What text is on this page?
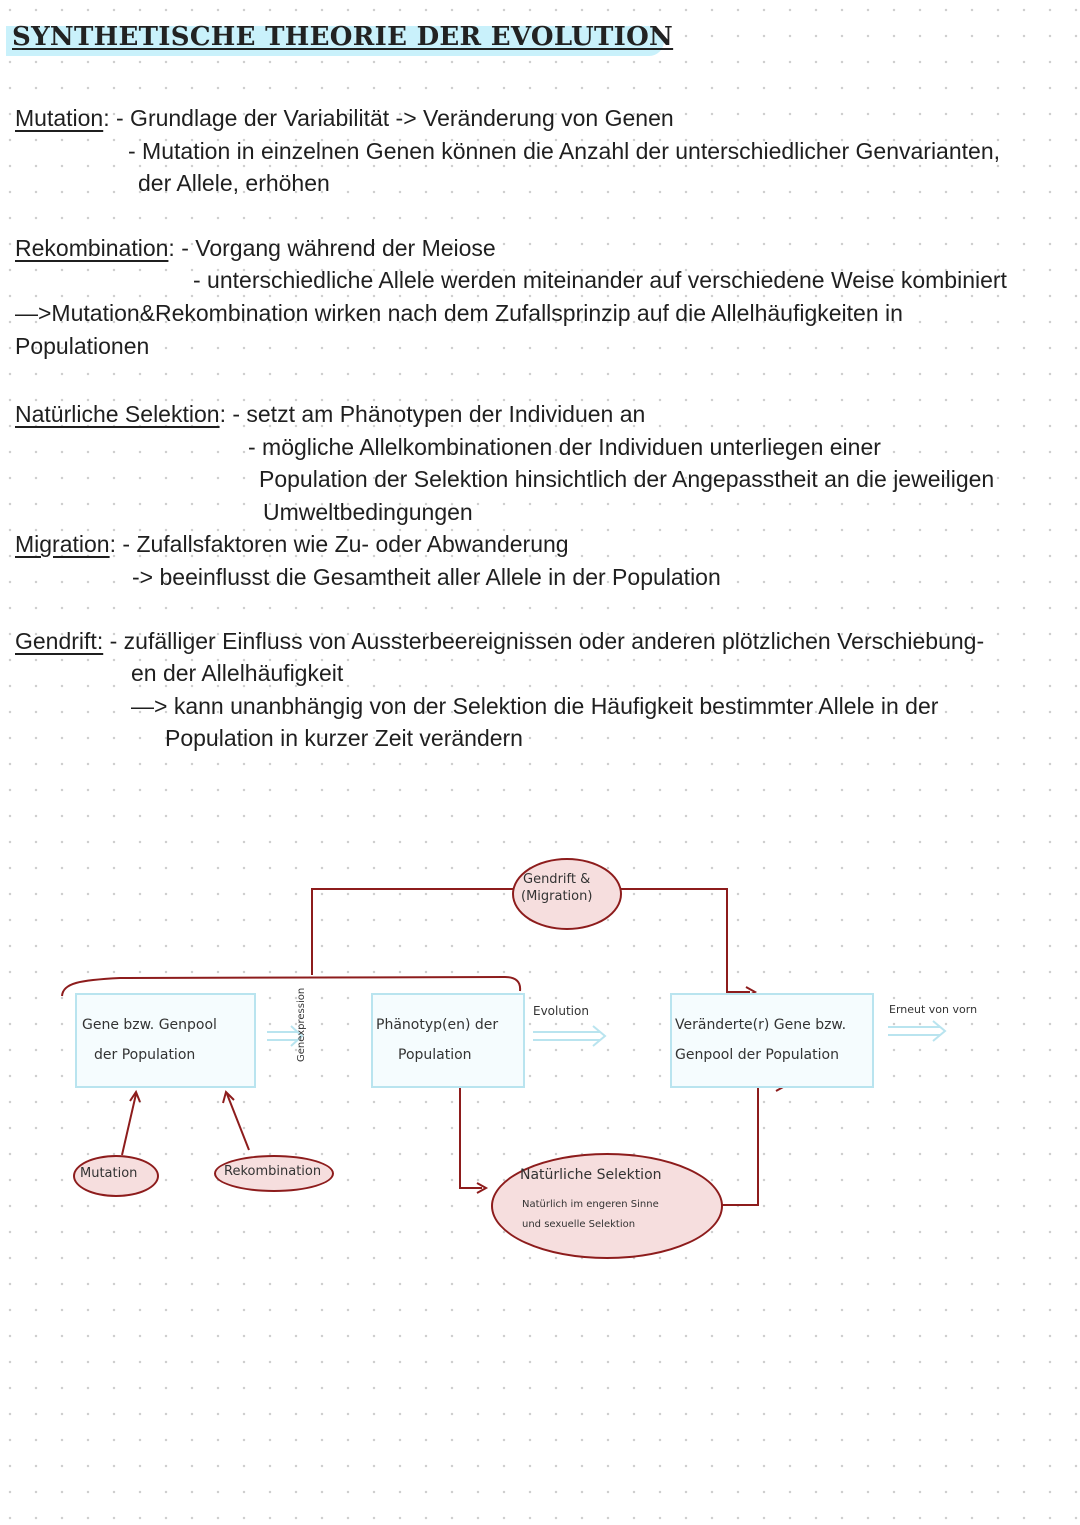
SYNTHETISCHE THEORIE DER EVOLUTION
Mutation: - Grundlage der Variabilität -> Veränderung von Genen
- Mutation in einzelnen Genen können die Anzahl der unterschiedlicher Genvarianten,
der Allele, erhöhen
Rekombination: - Vorgang während der Meiose
- unterschiedliche Allele werden miteinander auf verschiedene Weise kombiniert
—>Mutation&Rekombination wirken nach dem Zufallsprinzip auf die Allelhäufigkeiten in
Populationen
Natürliche Selektion: - setzt am Phänotypen der Individuen an
- mögliche Allelkombinationen der Individuen unterliegen einer
Population der Selektion hinsichtlich der Angepasstheit an die jeweiligen
Umweltbedingungen
Migration: - Zufallsfaktoren wie Zu- oder Abwanderung
-> beeinflusst die Gesamtheit aller Allele in der Population
Gendrift: - zufälliger Einfluss von Aussterbeereignissen oder anderen plötzlichen Verschiebung-
en der Allelhäufigkeit
—> kann unanbhängig von der Selektion die Häufigkeit bestimmter Allele in der
Population in kurzer Zeit verändern
Gene bzw. Genpool
der Population
Phänotyp(en) der
Population
Veränderte(r) Gene bzw.
Genpool der Population
Genexpression	Evolution	Erneut von vorn
Gendrift &
(Migration)
Mutation	Rekombination	Natürliche Selektion
Natürlich im engeren Sinne
und sexuelle Selektion
